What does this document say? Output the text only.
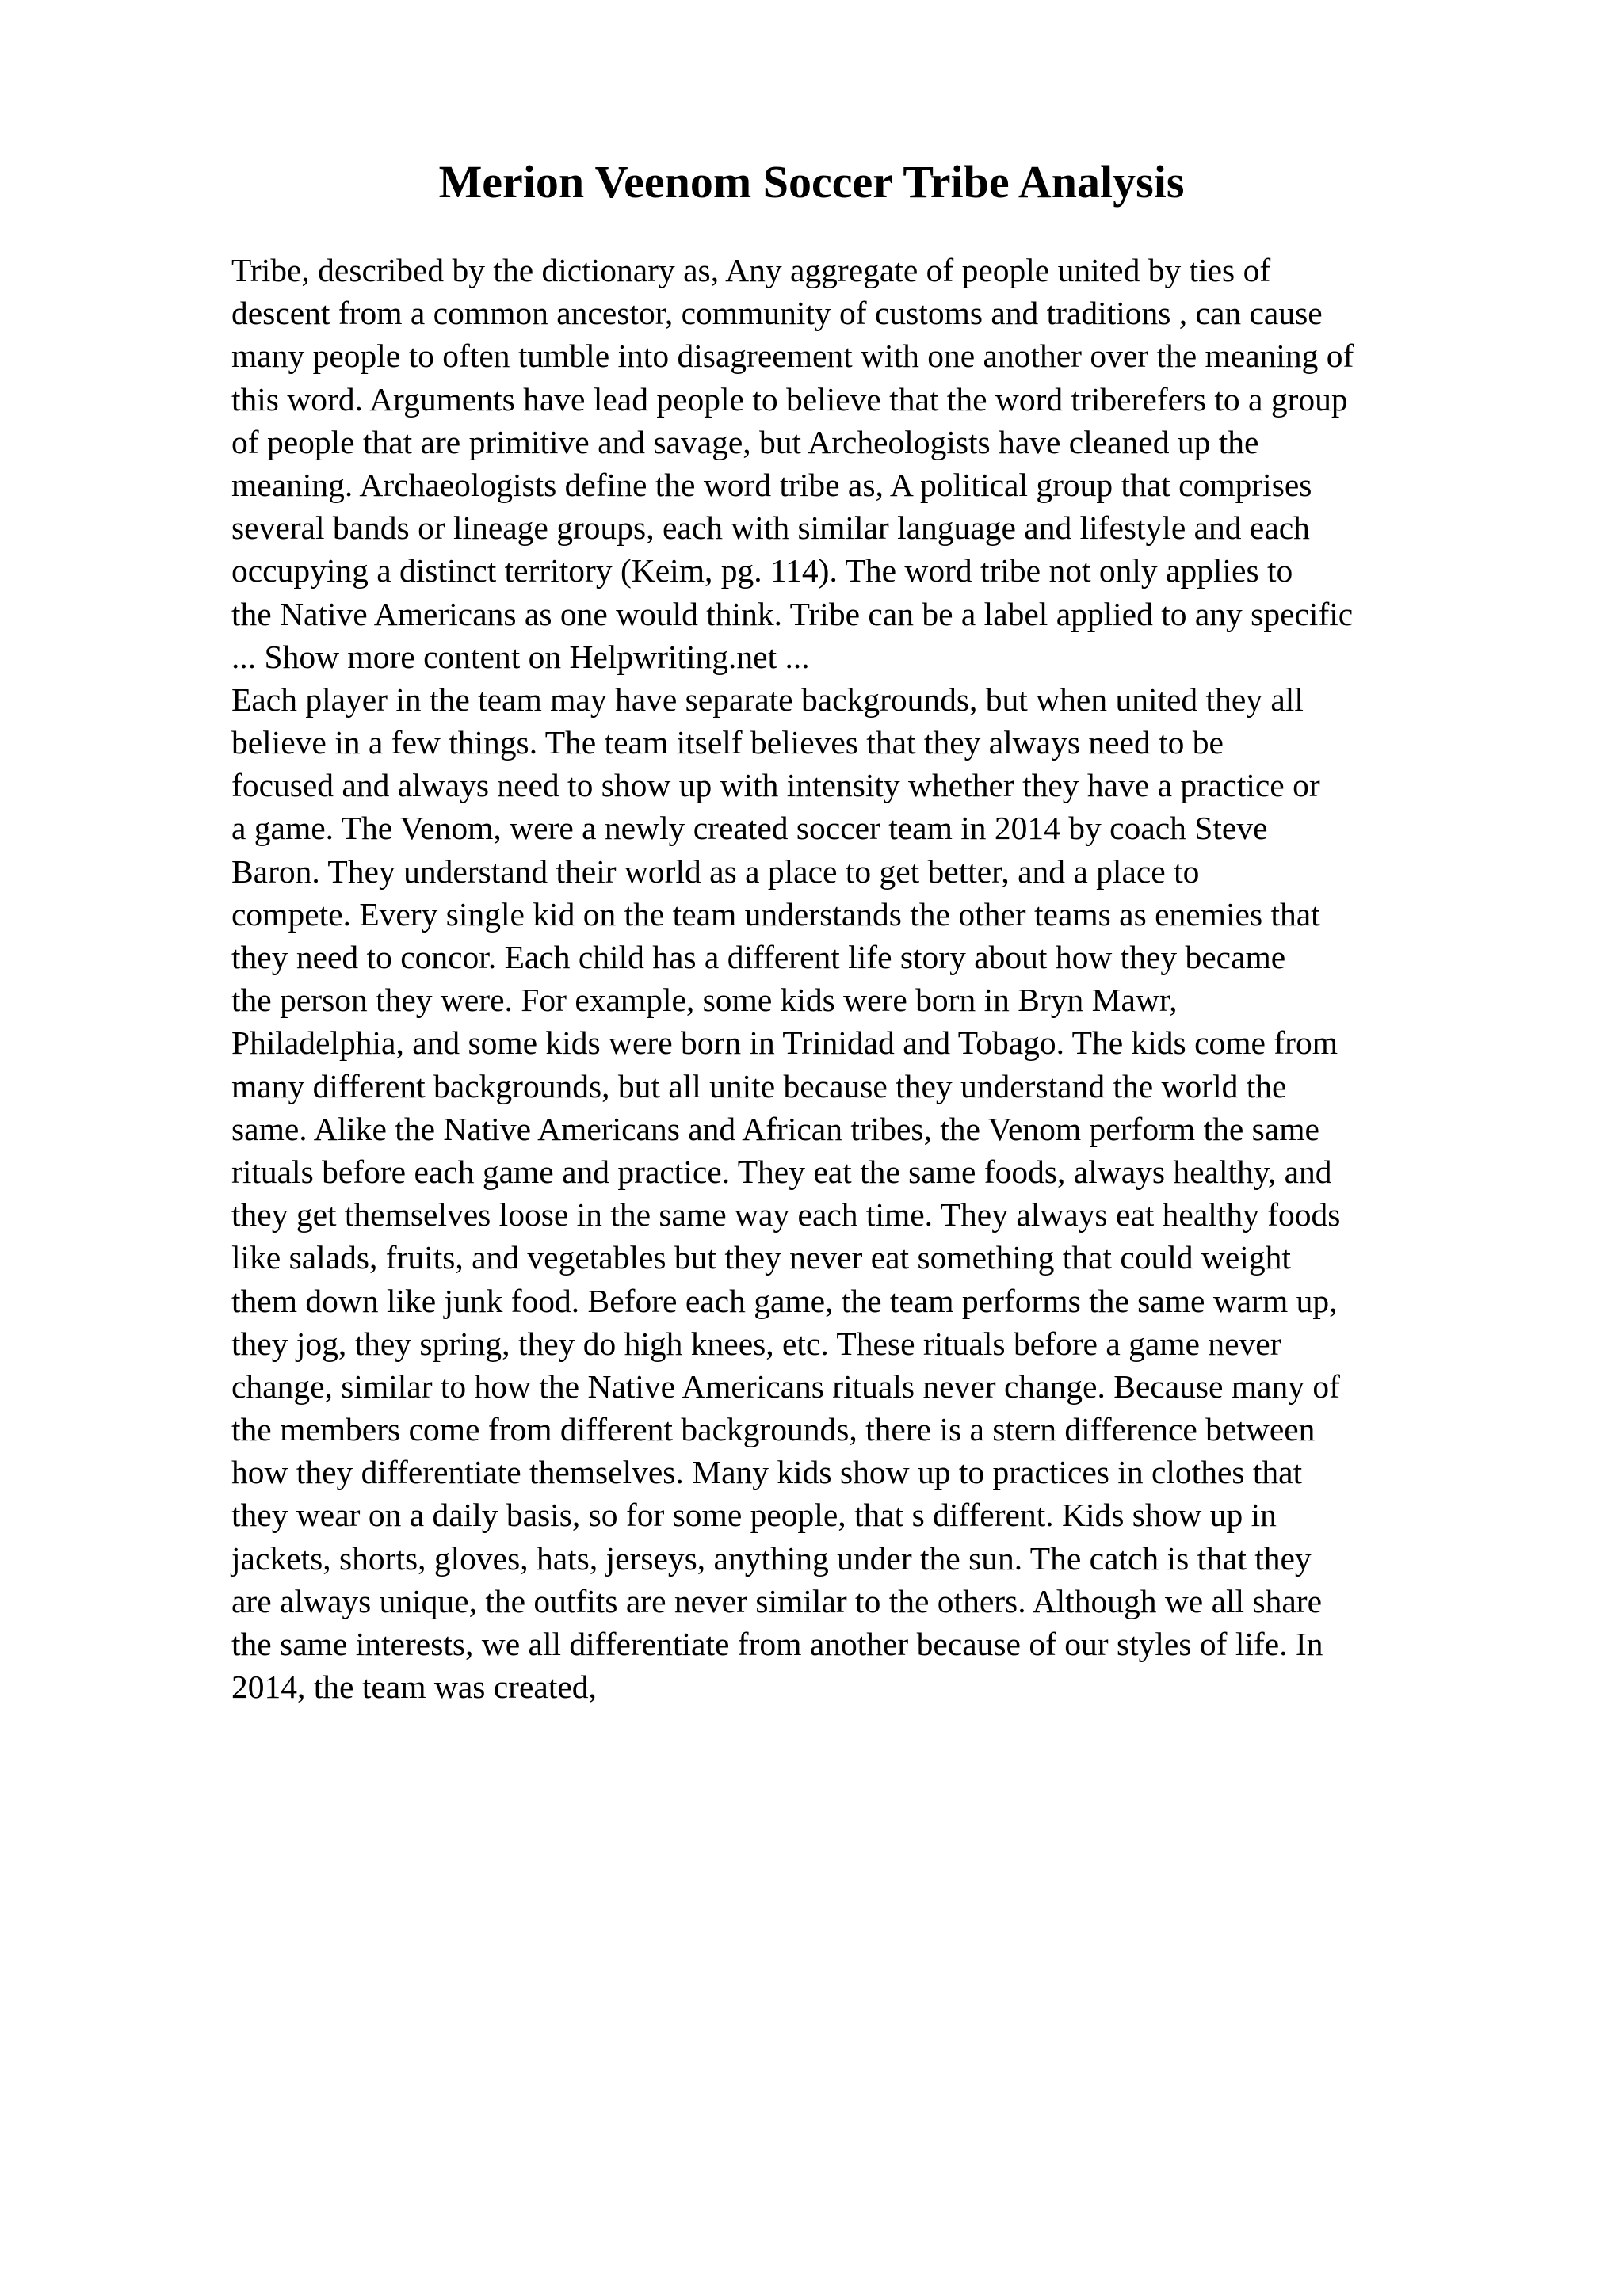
Merion Veenom Soccer Tribe Analysis
Tribe, described by the dictionary as, Any aggregate of people united by ties of
descent from a common ancestor, community of customs and traditions , can cause
many people to often tumble into disagreement with one another over the meaning of
this word. Arguments have lead people to believe that the word triberefers to a group
of people that are primitive and savage, but Archeologists have cleaned up the
meaning. Archaeologists define the word tribe as, A political group that comprises
several bands or lineage groups, each with similar language and lifestyle and each
occupying a distinct territory (Keim, pg. 114). The word tribe not only applies to
the Native Americans as one would think. Tribe can be a label applied to any specific
... Show more content on Helpwriting.net ...
Each player in the team may have separate backgrounds, but when united they all
believe in a few things. The team itself believes that they always need to be
focused and always need to show up with intensity whether they have a practice or
a game. The Venom, were a newly created soccer team in 2014 by coach Steve
Baron. They understand their world as a place to get better, and a place to
compete. Every single kid on the team understands the other teams as enemies that
they need to concor. Each child has a different life story about how they became
the person they were. For example, some kids were born in Bryn Mawr,
Philadelphia, and some kids were born in Trinidad and Tobago. The kids come from
many different backgrounds, but all unite because they understand the world the
same. Alike the Native Americans and African tribes, the Venom perform the same
rituals before each game and practice. They eat the same foods, always healthy, and
they get themselves loose in the same way each time. They always eat healthy foods
like salads, fruits, and vegetables but they never eat something that could weight
them down like junk food. Before each game, the team performs the same warm up,
they jog, they spring, they do high knees, etc. These rituals before a game never
change, similar to how the Native Americans rituals never change. Because many of
the members come from different backgrounds, there is a stern difference between
how they differentiate themselves. Many kids show up to practices in clothes that
they wear on a daily basis, so for some people, that s different. Kids show up in
jackets, shorts, gloves, hats, jerseys, anything under the sun. The catch is that they
are always unique, the outfits are never similar to the others. Although we all share
the same interests, we all differentiate from another because of our styles of life. In
2014, the team was created,
